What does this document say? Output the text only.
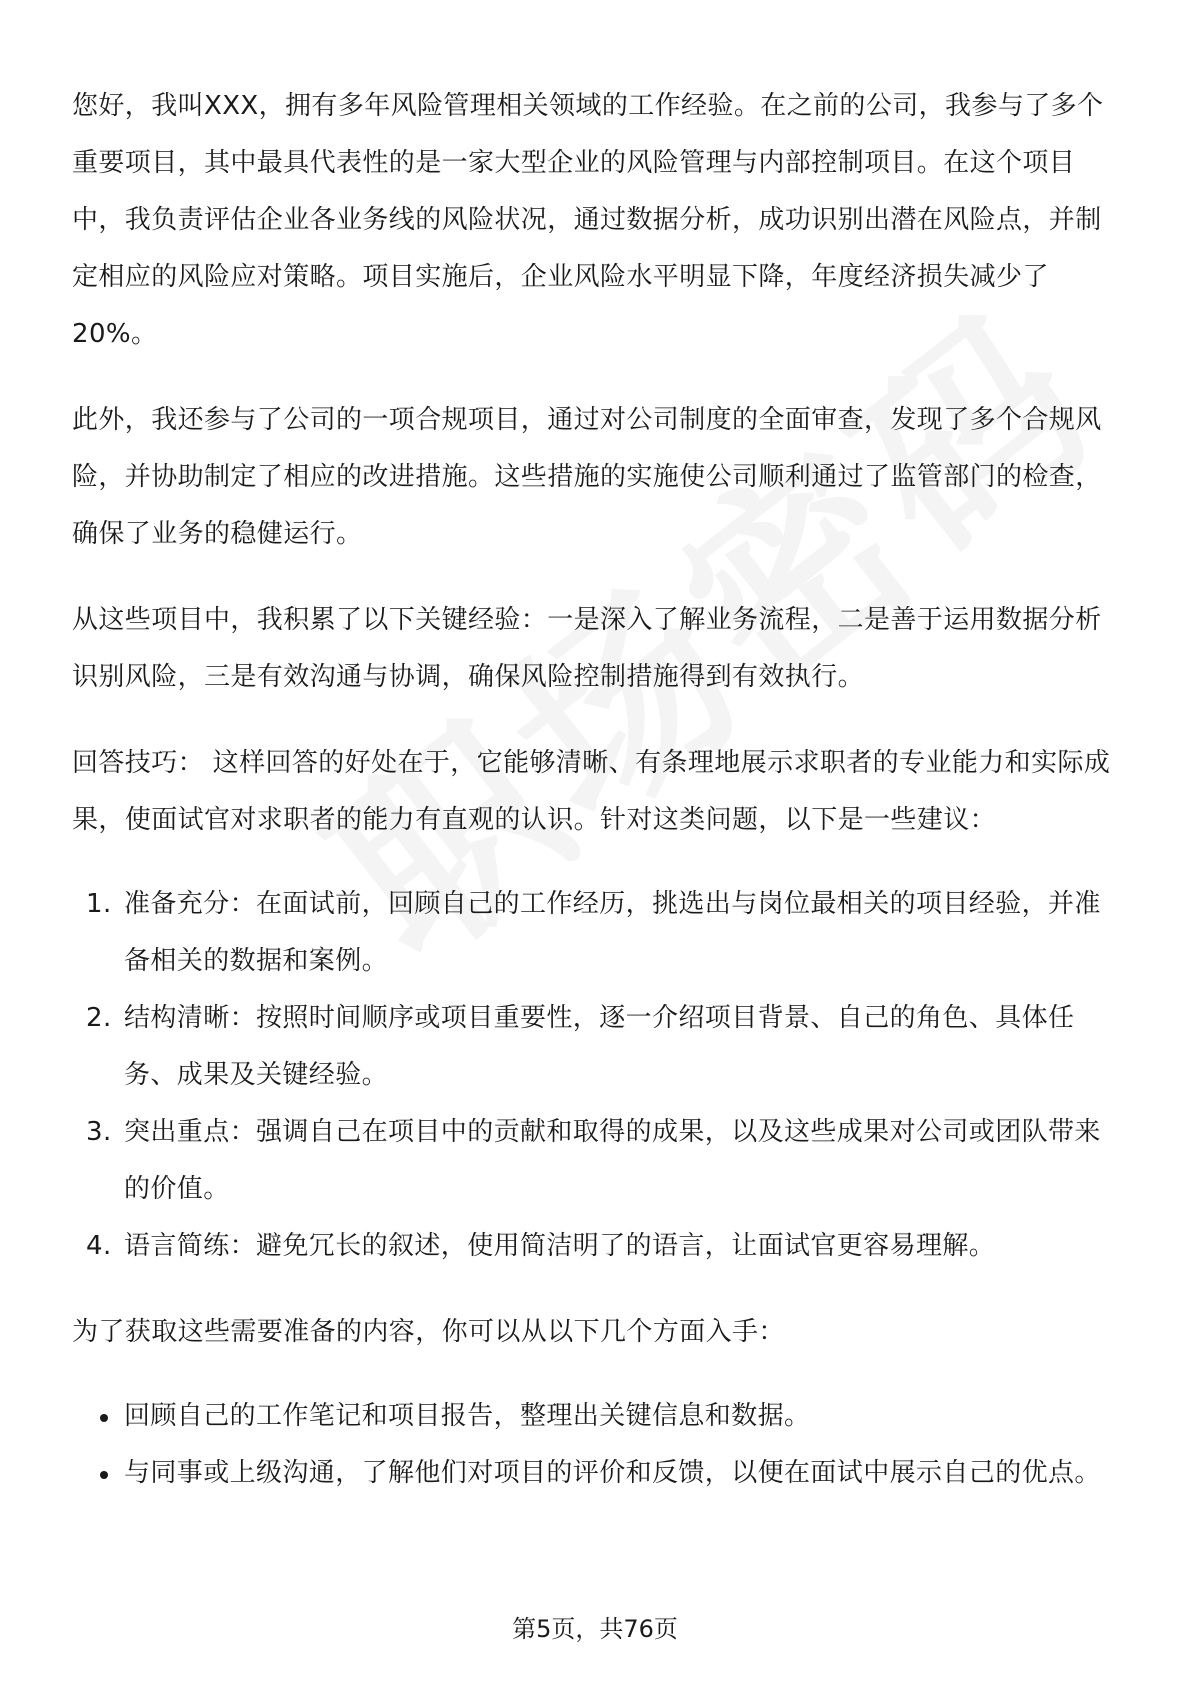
您好，我叫XXX，拥有多年风险管理相关领域的工作经验。在之前的公司，我参与了多个重要项目，其中最具代表性的是一家大型企业的风险管理与内部控制项目。在这个项目中，我负责评估企业各业务线的风险状况，通过数据分析，成功识别出潜在风险点，并制定相应的风险应对策略。项目实施后，企业风险水平明显下降，年度经济损失减少了20%。

此外，我还参与了公司的一项合规项目，通过对公司制度的全面审查，发现了多个合规风险，并协助制定了相应的改进措施。这些措施的实施使公司顺利通过了监管部门的检查，确保了业务的稳健运行。

从这些项目中，我积累了以下关键经验：一是深入了解业务流程，二是善于运用数据分析识别风险，三是有效沟通与协调，确保风险控制措施得到有效执行。

回答技巧： 这样回答的好处在于，它能够清晰、有条理地展示求职者的专业能力和实际成果，使面试官对求职者的能力有直观的认识。针对这类问题，以下是一些建议：

1. 准备充分：在面试前，回顾自己的工作经历，挑选出与岗位最相关的项目经验，并准备相关的数据和案例。
2. 结构清晰：按照时间顺序或项目重要性，逐一介绍项目背景、自己的角色、具体任务、成果及关键经验。
3. 突出重点：强调自己在项目中的贡献和取得的成果，以及这些成果对公司或团队带来的价值。
4. 语言简练：避免冗长的叙述，使用简洁明了的语言，让面试官更容易理解。

为了获取这些需要准备的内容，你可以从以下几个方面入手：

回顾自己的工作笔记和项目报告，整理出关键信息和数据。
与同事或上级沟通，了解他们对项目的评价和反馈，以便在面试中展示自己的优点。
第5页，共76页
